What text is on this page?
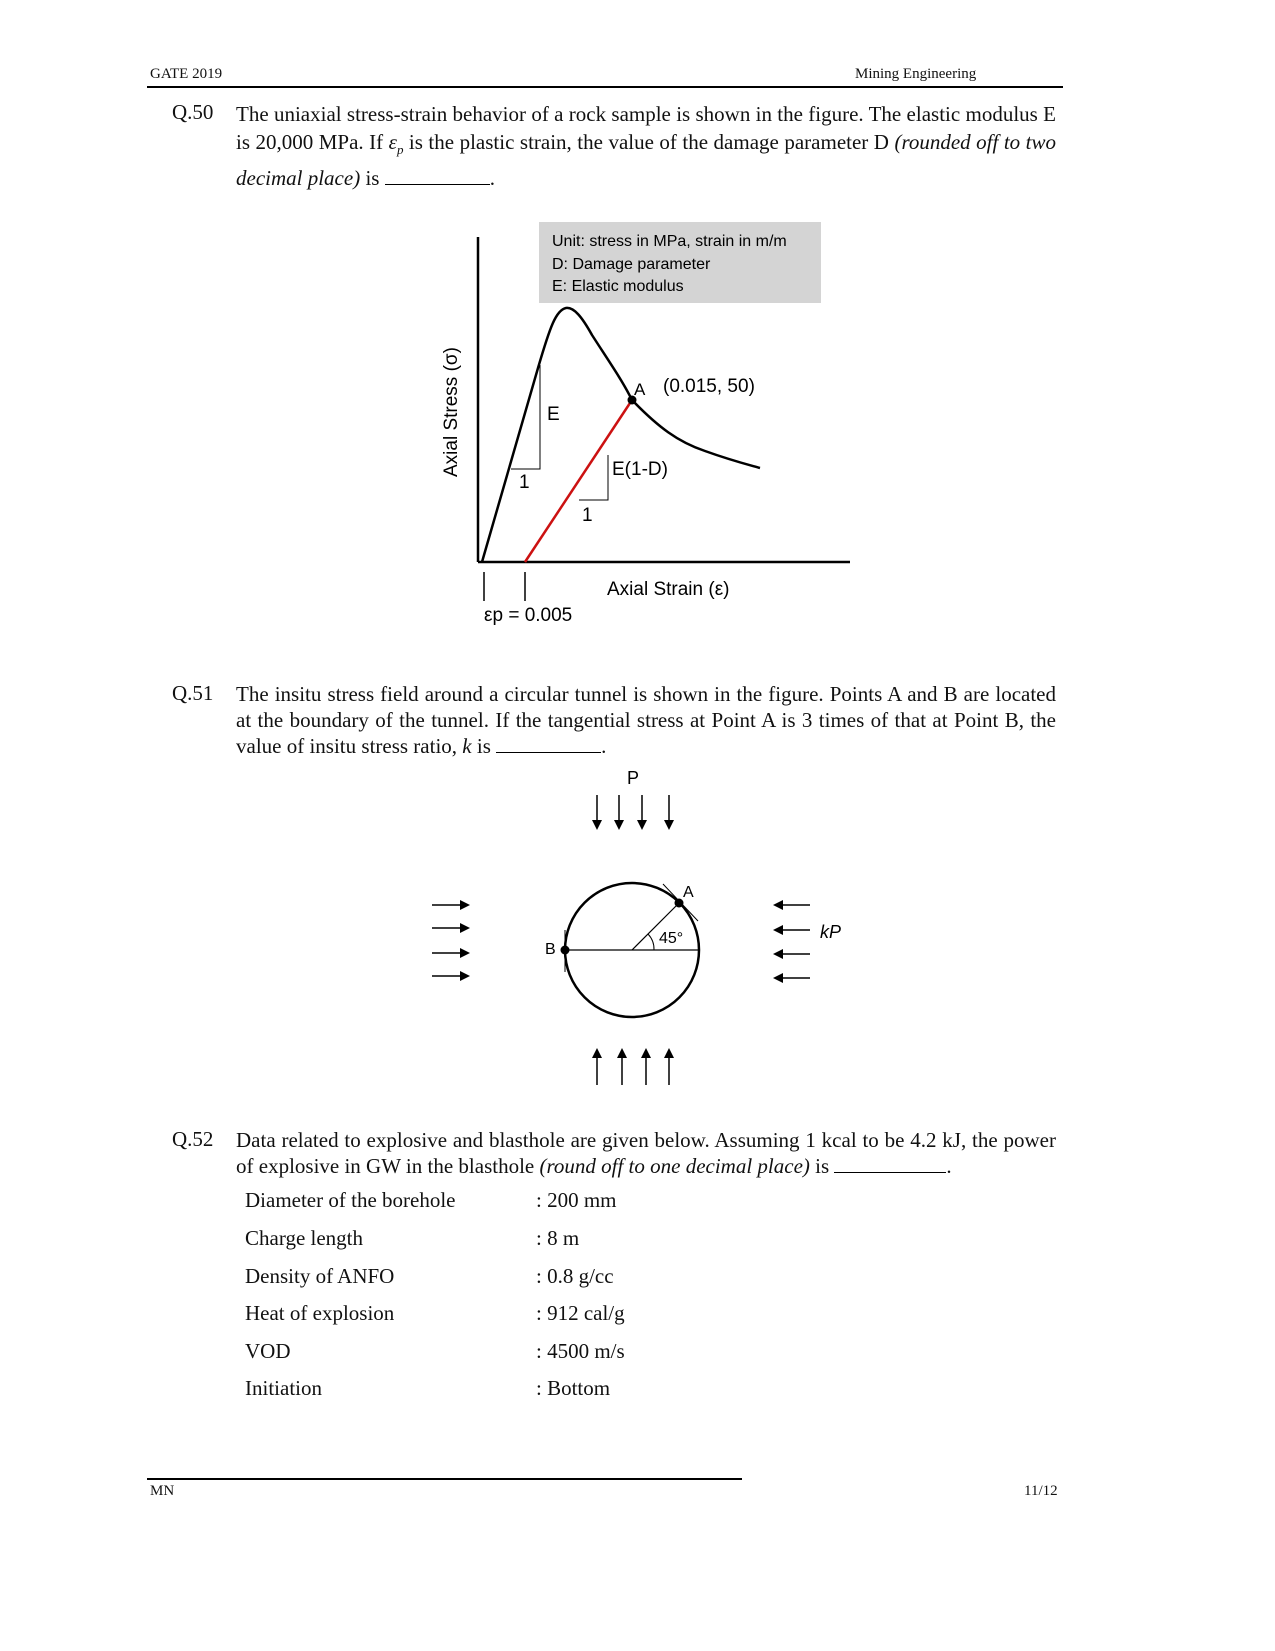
GATE 2019	Mining Engineering
Q.50 The uniaxial stress-strain behavior of a rock sample is shown in the figure. The elastic modulus E is 20,000 MPa. If $\varepsilon_p$ is the plastic strain, the value of the damage parameter D (rounded off to two decimal place) is	.
Unit: stress in MPa, strain in m/m
D: Damage parameter
E: Elastic modulus
A (0.015, 50)
E
1
E(1-D)
1
Axial Stress (σ)
Axial Strain (ε)
εp = 0.005
Q.51 The insitu stress field around a circular tunnel is shown in the figure. Points A and B are located at the boundary of the tunnel. If the tangential stress at Point A is 3 times of that at Point B, the value of insitu stress ratio, k is	.
P
kP
45°
A
B
Q.52 Data related to explosive and blasthole are given below. Assuming 1 kcal to be 4.2 kJ, the power of explosive in GW in the blasthole (round off to one decimal place) is	.
Diameter of the borehole	: 200 mm
Charge length	: 8 m
Density of ANFO	: 0.8 g/cc
Heat of explosion	: 912 cal/g
VOD	: 4500 m/s
Initiation	: Bottom
MN	11/12
